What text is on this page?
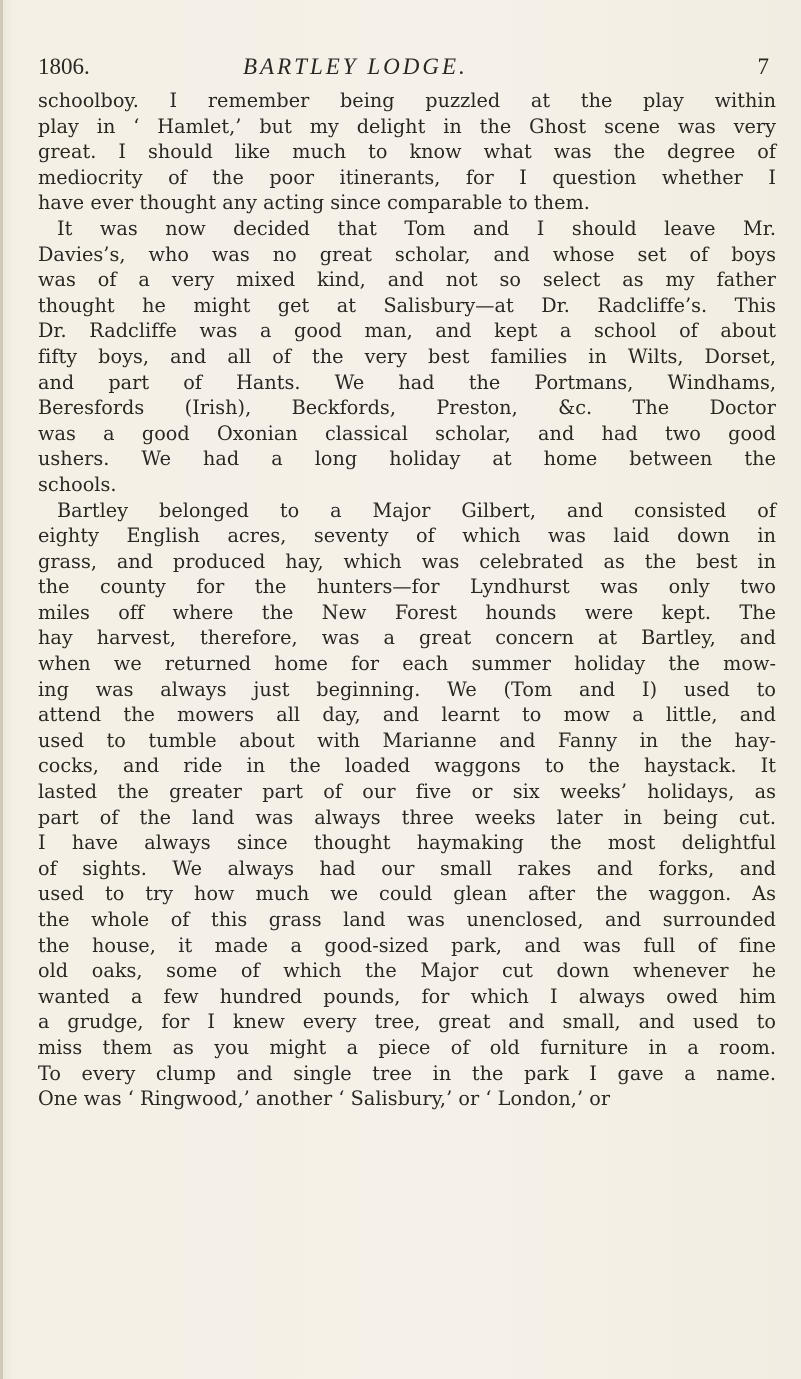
1806.	BARTLEY LODGE.	7
schoolboy. I remember being puzzled at the play within
play in ‘ Hamlet,’ but my delight in the Ghost scene was very
great. I should like much to know what was the degree of
mediocrity of the poor itinerants, for I question whether I
have ever thought any acting since comparable to them.
It was now decided that Tom and I should leave Mr.
Davies’s, who was no great scholar, and whose set of boys
was of a very mixed kind, and not so select as my father
thought he might get at Salisbury—at Dr. Radcliffe’s. This
Dr. Radcliffe was a good man, and kept a school of about
fifty boys, and all of the very best families in Wilts, Dorset,
and part of Hants. We had the Portmans, Windhams,
Beresfords (Irish), Beckfords, Preston, &c. The Doctor
was a good Oxonian classical scholar, and had two good
ushers. We had a long holiday at home between the
schools.
Bartley belonged to a Major Gilbert, and consisted of
eighty English acres, seventy of which was laid down in
grass, and produced hay, which was celebrated as the best in
the county for the hunters—for Lyndhurst was only two
miles off where the New Forest hounds were kept. The
hay harvest, therefore, was a great concern at Bartley, and
when we returned home for each summer holiday the mow-
ing was always just beginning. We (Tom and I) used to
attend the mowers all day, and learnt to mow a little, and
used to tumble about with Marianne and Fanny in the hay-
cocks, and ride in the loaded waggons to the haystack. It
lasted the greater part of our five or six weeks’ holidays, as
part of the land was always three weeks later in being cut.
I have always since thought haymaking the most delightful
of sights. We always had our small rakes and forks, and
used to try how much we could glean after the waggon. As
the whole of this grass land was unenclosed, and surrounded
the house, it made a good-sized park, and was full of fine
old oaks, some of which the Major cut down whenever he
wanted a few hundred pounds, for which I always owed him
a grudge, for I knew every tree, great and small, and used to
miss them as you might a piece of old furniture in a room.
To every clump and single tree in the park I gave a name.
One was ‘ Ringwood,’ another ‘ Salisbury,’ or ‘ London,’ or
